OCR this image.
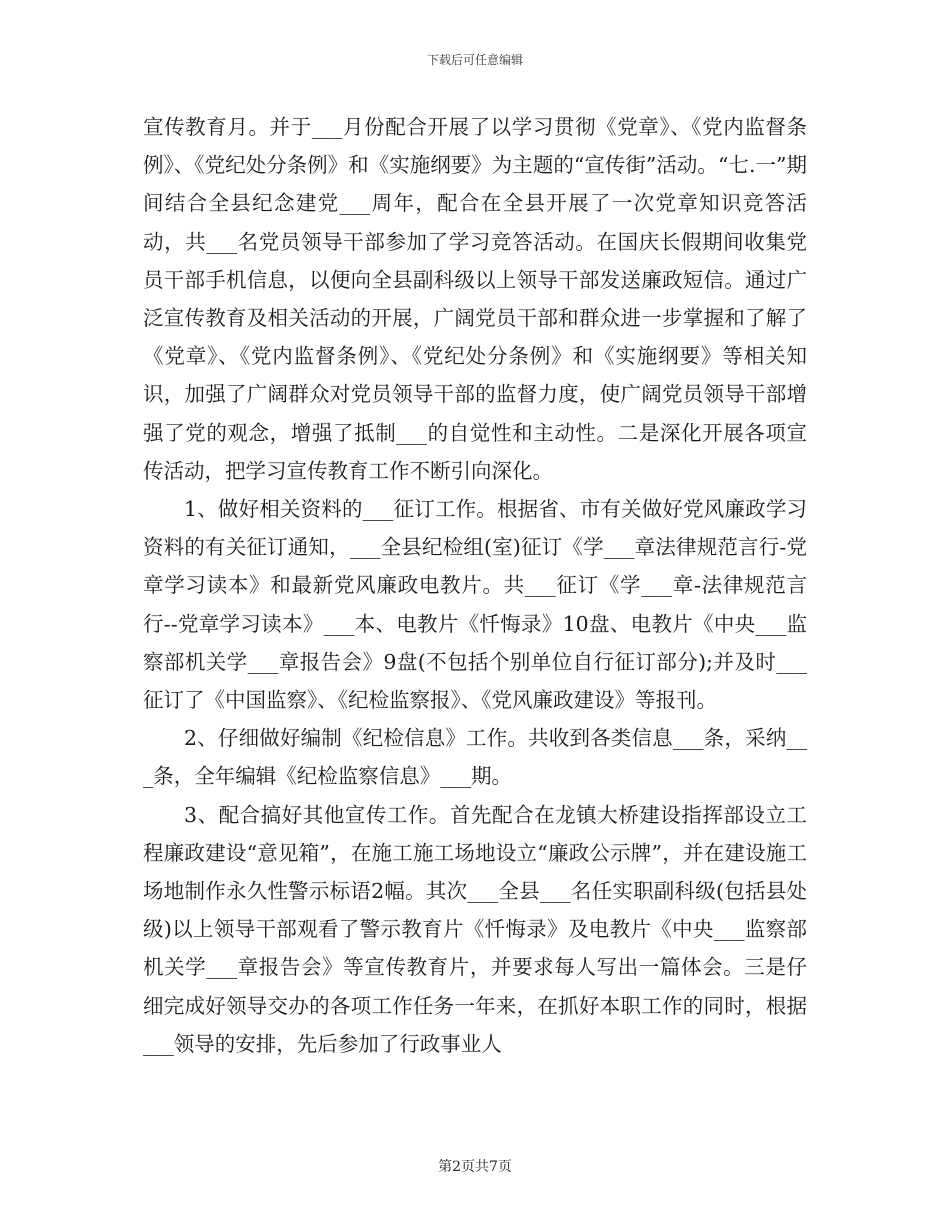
下载后可任意编辑

宣传教育月。并于___月份配合开展了以学习贯彻《党章》、《党内监督条例》、《党纪处分条例》和《实施纲要》为主题的“宣传街”活动。“七.一”期间结合全县纪念建党___周年，配合在全县开展了一次党章知识竞答活动，共___名党员领导干部参加了学习竞答活动。在国庆长假期间收集党员干部手机信息，以便向全县副科级以上领导干部发送廉政短信。通过广泛宣传教育及相关活动的开展，广阔党员干部和群众进一步掌握和了解了《党章》、《党内监督条例》、《党纪处分条例》和《实施纲要》等相关知识，加强了广阔群众对党员领导干部的监督力度，使广阔党员领导干部增强了党的观念，增强了抵制___的自觉性和主动性。二是深化开展各项宣传活动，把学习宣传教育工作不断引向深化。

1、做好相关资料的___征订工作。根据省、市有关做好党风廉政学习资料的有关征订通知，___全县纪检组(室)征订《学___章法律规范言行-党章学习读本》和最新党风廉政电教片。共___征订《学___章-法律规范言行--党章学习读本》___本、电教片《忏悔录》10盘、电教片《中央___监察部机关学___章报告会》9盘(不包括个别单位自行征订部分);并及时___征订了《中国监察》、《纪检监察报》、《党风廉政建设》等报刊。

2、仔细做好编制《纪检信息》工作。共收到各类信息___条，采纳___条，全年编辑《纪检监察信息》___期。

3、配合搞好其他宣传工作。首先配合在龙镇大桥建设指挥部设立工程廉政建设“意见箱”，在施工施工场地设立“廉政公示牌”，并在建设施工场地制作永久性警示标语2幅。其次___全县___名任实职副科级(包括县处级)以上领导干部观看了警示教育片《忏悔录》及电教片《中央___监察部机关学___章报告会》等宣传教育片，并要求每人写出一篇体会。三是仔细完成好领导交办的各项工作任务一年来，在抓好本职工作的同时，根据___领导的安排，先后参加了行政事业人

第2页共7页
